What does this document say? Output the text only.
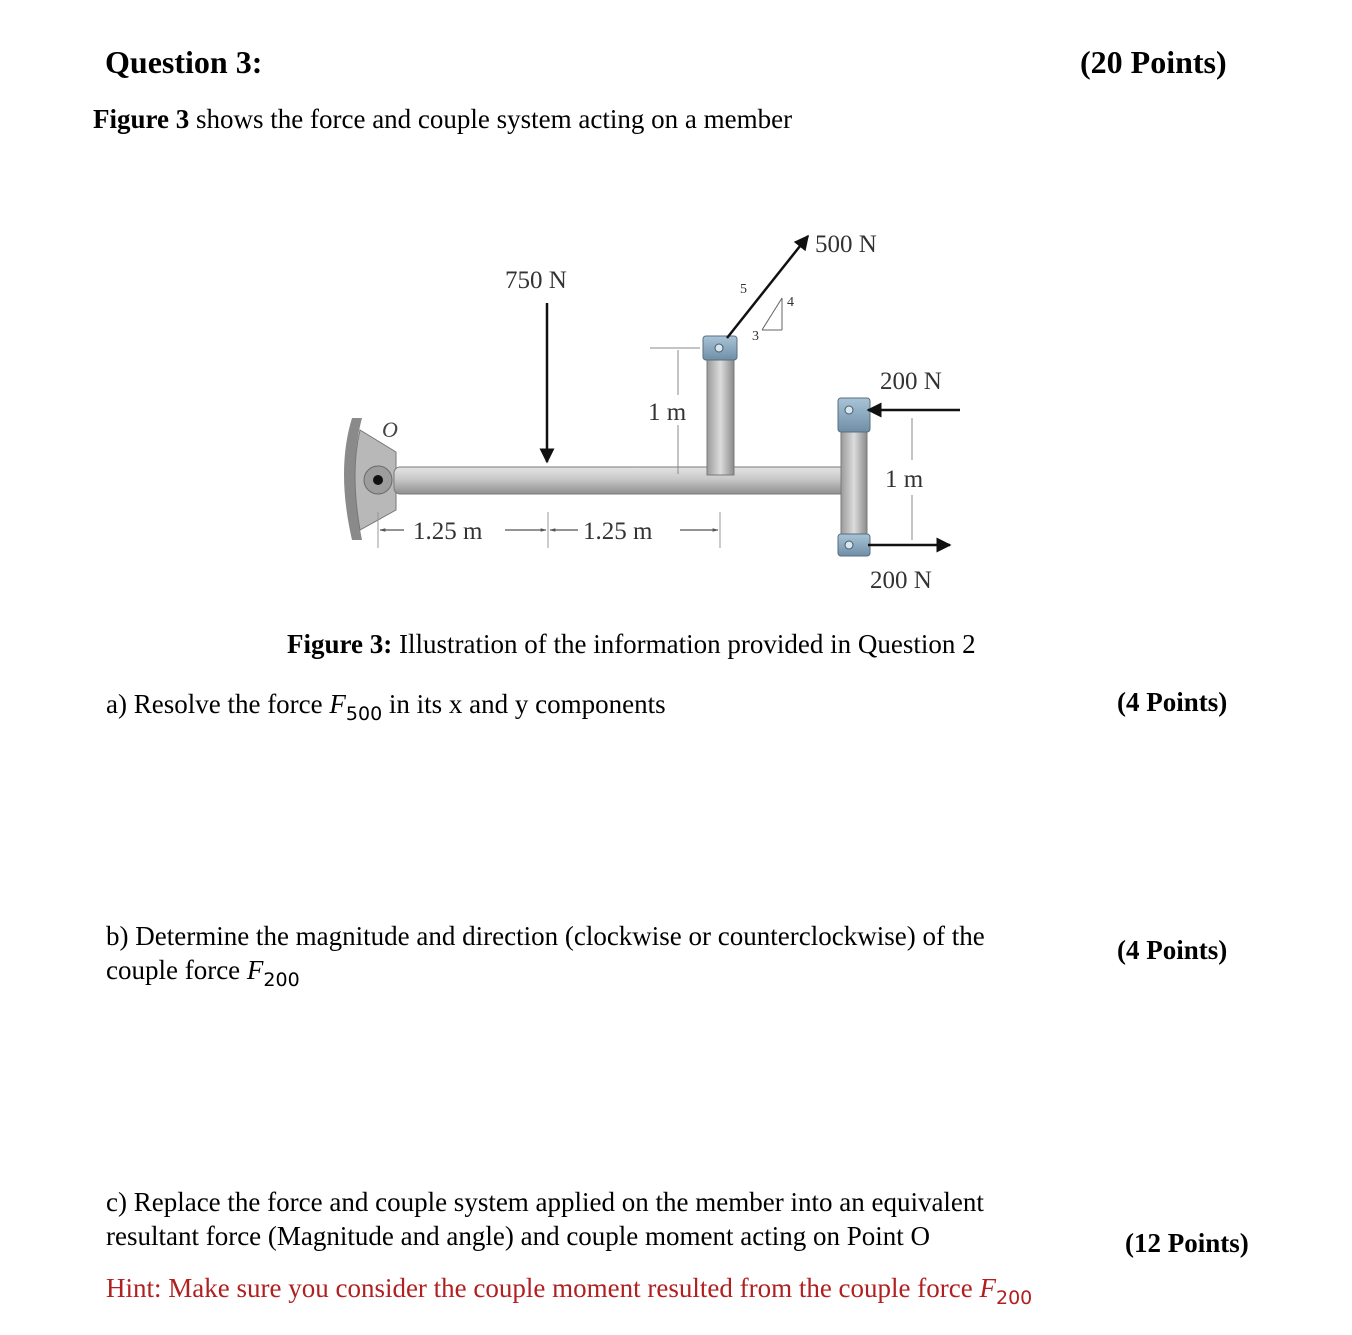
Question 3:	(20 Points)
Figure 3 shows the force and couple system acting on a member
O
750 N
500 N
5
4
3
1 m
200 N
1 m
200 N
1.25 m	1.25 m
Figure 3: Illustration of the information provided in Question 2
a) Resolve the force $F_{500}$ in its x and y components	(4 Points)
b) Determine the magnitude and direction (clockwise or counterclockwise) of the
couple force $F_{200}$
(4 Points)
c) Replace the force and couple system applied on the member into an equivalent
resultant force (Magnitude and angle) and couple moment acting on Point O	(12 Points)
Hint: Make sure you consider the couple moment resulted from the couple force $F_{200}$
